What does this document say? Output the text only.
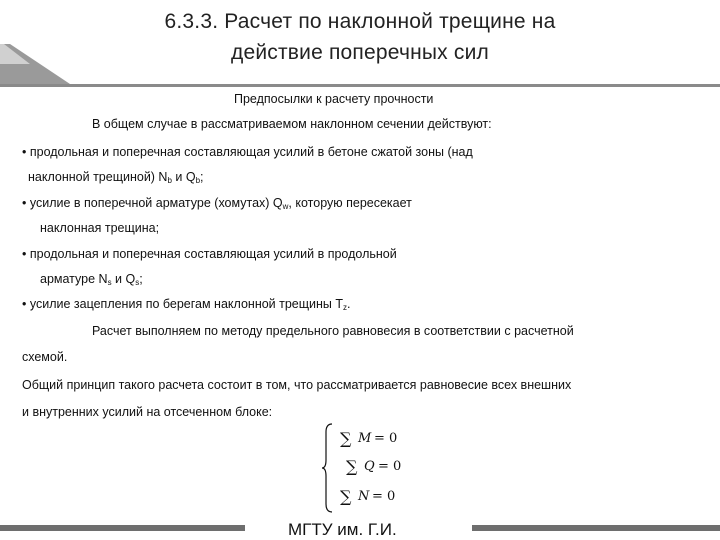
6.3.3. Расчет по наклонной трещине на
действие поперечных сил
Предпосылки к расчету прочности
В общем случае в рассматриваемом наклонном сечении действуют:
• продольная и поперечная составляющая усилий в бетоне сжатой зоны (над
наклонной трещиной) $N_b$ и $Q_b$;
• усилие в поперечной арматуре (хомутах) $Q_w$, которую пересекает
наклонная трещина;
• продольная и поперечная составляющая усилий в продольной
арматуре $N_s$ и $Q_s$;
• усилие зацепления по берегам наклонной трещины $T_z$.
Расчет выполняем по методу предельного равновесия в соответствии с расчетной
схемой.
Общий принцип такого расчета состоит в том, что рассматривается равновесие всех внешних
и внутренних усилий на отсеченном блоке:
∑ M = 0
∑ Q = 0
∑ N = 0
МГТУ им. Г.И.
